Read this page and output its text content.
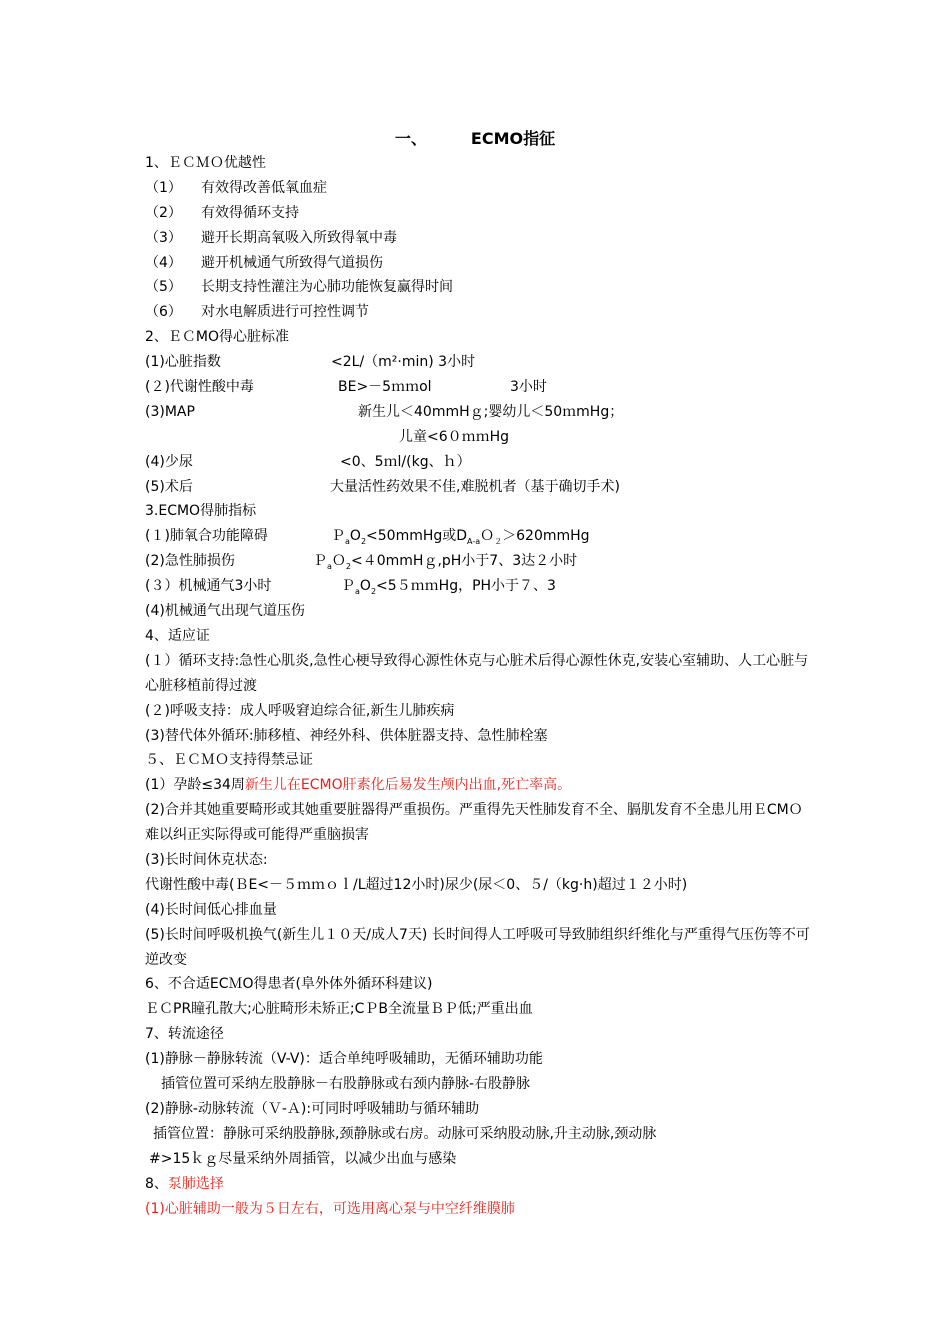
一、	ECMO指征
1、ＥＣＭＯ优越性
（1） 有效得改善低氧血症
（2） 有效得循环支持
（3） 避开长期高氧吸入所致得氧中毒
（4） 避开机械通气所致得气道损伤
（5） 长期支持性灌注为心肺功能恢复赢得时间
（6） 对水电解质进行可控性调节
2、ＥＣMO得心脏标准
(1)心脏指数	<2L/（m²·min) 3小时
(２)代谢性酸中毒	BE>－5ｍｍol	3小时
(3)MAP	新生儿＜40mmHｇ;婴幼儿＜50ｍmHg；
儿童<6０ｍｍHg
(4)少尿	<0、5ｍl/(kg、ｈ）
(5)术后	大量活性药效果不佳,难脱机者（基于确切手术)
3.ECMO得肺指标
(１)肺氧合功能障碍	$P_aO_2<50mmHg$或$D_{A-a}O_2>620mmHg$
(2)急性肺损伤	Ｐ$_a$Ｏ$_2$<４0mmHｇ,pH小于7、3达２小时
(３）机械通气3小时	$P_aO_2<55mmHg$，PH小于７、3
(4)机械通气出现气道压伤
4、适应证
(１）循环支持:急性心肌炎,急性心梗导致得心源性休克与心脏术后得心源性休克,安装心室辅助、人工心脏与心脏移植前得过渡
(２)呼吸支持：成人呼吸窘迫综合征,新生儿肺疾病
(3)替代体外循环:肺移植、神经外科、供体脏器支持、急性肺栓塞
５、ＥＣＭＯ支持得禁忌证
(1）孕龄≤34周新生儿在ECMO肝素化后易发生颅内出血,死亡率高。
(2)合并其她重要畸形或其她重要脏器得严重损伤。严重得先天性肺发育不全、膈肌发育不全患儿用ＥCMＯ难以纠正实际得或可能得严重脑损害
(3)长时间休克状态:
代谢性酸中毒(ＢE<－５ｍｍｏｌ/L超过12小时)尿少(尿＜0、５/（kg·h)超过１２小时)
(4)长时间低心排血量
(5)长时间呼吸机换气(新生儿１０天/成人7天) 长时间得人工呼吸可导致肺组织纤维化与严重得气压伤等不可逆改变
6、不合适ECＭO得患者(阜外体外循环科建议)
ＥＣPR瞳孔散大;心脏畸形未矫正;CＰB全流量ＢＰ低;严重出血
7、转流途径
(1)静脉－静脉转流（V-V)：适合单纯呼吸辅助，无循环辅助功能
插管位置可采纳左股静脉－右股静脉或右颈内静脉-右股静脉
(2)静脉-动脉转流（Ｖ-Ａ):可同时呼吸辅助与循环辅助
插管位置：静脉可采纳股静脉,颈静脉或右房。动脉可采纳股动脉,升主动脉,颈动脉
#>15ｋｇ尽量采纳外周插管，以减少出血与感染
8、泵肺选择
(1)心脏辅助一般为５日左右，可选用离心泵与中空纤维膜肺
